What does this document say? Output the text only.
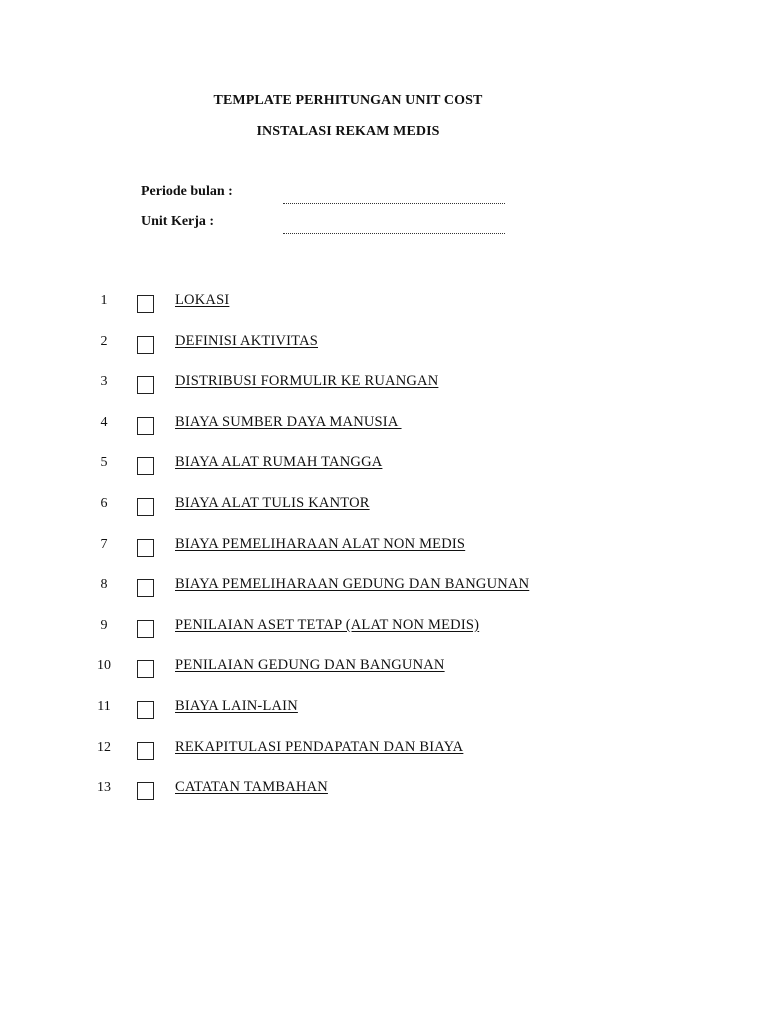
TEMPLATE PERHITUNGAN UNIT COST
INSTALASI REKAM MEDIS
Periode bulan :
Unit Kerja :
1	LOKASI
2	DEFINISI AKTIVITAS
3	DISTRIBUSI FORMULIR KE RUANGAN
4	BIAYA SUMBER DAYA MANUSIA
5	BIAYA ALAT RUMAH TANGGA
6	BIAYA ALAT TULIS KANTOR
7	BIAYA PEMELIHARAAN ALAT NON MEDIS
8	BIAYA PEMELIHARAAN GEDUNG DAN BANGUNAN
9	PENILAIAN ASET TETAP (ALAT NON MEDIS)
10	PENILAIAN GEDUNG DAN BANGUNAN
11	BIAYA LAIN-LAIN
12	REKAPITULASI PENDAPATAN DAN BIAYA
13	CATATAN TAMBAHAN
